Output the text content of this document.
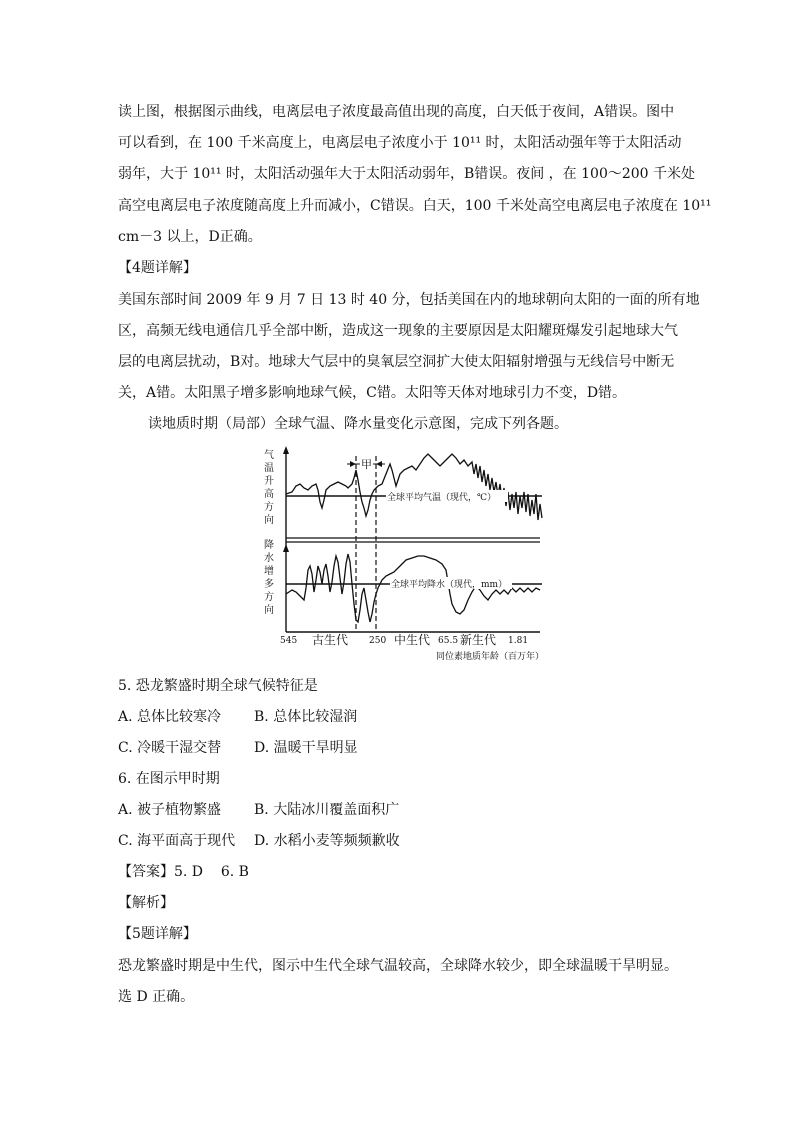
读上图，根据图示曲线，电离层电子浓度最高值出现的高度，白天低于夜间，A错误。图中
可以看到，在 100 千米高度上，电离层电子浓度小于 10¹¹ 时，太阳活动强年等于太阳活动
弱年，大于 10¹¹ 时，太阳活动强年大于太阳活动弱年，B错误。夜间 ，在 100～200 千米处
高空电离层电子浓度随高度上升而减小，C错误。白天，100 千米处高空电离层电子浓度在 10¹¹
cm－3 以上，D正确。
【4题详解】
美国东部时间 2009 年 9 月 7 日 13 时 40 分，包括美国在内的地球朝向太阳的一面的所有地
区，高频无线电通信几乎全部中断，造成这一现象的主要原因是太阳耀斑爆发引起地球大气
层的电离层扰动，B对。地球大气层中的臭氧层空洞扩大使太阳辐射增强与无线信号中断无
关，A错。太阳黑子增多影响地球气候，C错。太阳等天体对地球引力不变，D错。
读地质时期（局部）全球气温、降水量变化示意图，完成下列各题。
气温升高方向
降水增多方向
甲
全球平均气温（现代，℃）
全球平均降水（现代，mm）
545	250	65.5	1.81
古生代	中生代 新生代
同位素地质年龄（百万年）
5. 恐龙繁盛时期全球气候特征是
A. 总体比较寒冷 B. 总体比较湿润
C. 冷暖干湿交替 D. 温暖干旱明显
6. 在图示甲时期
A. 被子植物繁盛 B. 大陆冰川覆盖面积广
C. 海平面高于现代 D. 水稻小麦等频频歉收
【答案】5. D    6. B
【解析】
【5题详解】
恐龙繁盛时期是中生代，图示中生代全球气温较高，全球降水较少，即全球温暖干旱明显。
选 D 正确。
